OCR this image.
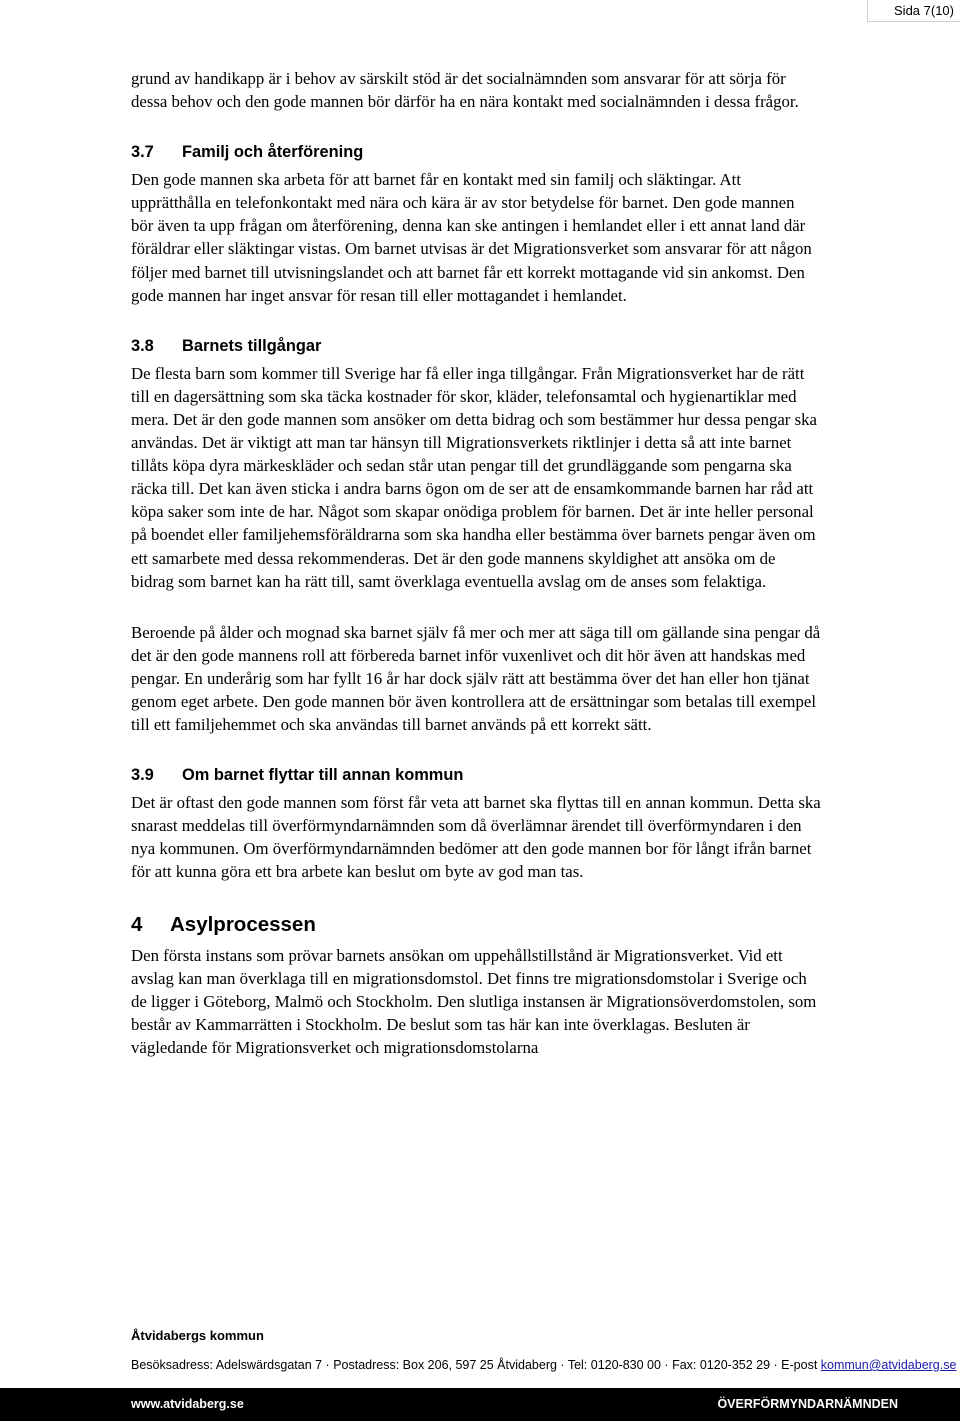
Sida 7(10)

grund av handikapp är i behov av särskilt stöd är det socialnämnden som ansvarar för att sörja för dessa behov och den gode mannen bör därför ha en nära kontakt med socialnämnden i dessa frågor.

3.7 Familj och återförening

Den gode mannen ska arbeta för att barnet får en kontakt med sin familj och släktingar. Att upprätthålla en telefonkontakt med nära och kära är av stor betydelse för barnet. Den gode mannen bör även ta upp frågan om återförening, denna kan ske antingen i hemlandet eller i ett annat land där föräldrar eller släktingar vistas. Om barnet utvisas är det Migrationsverket som ansvarar för att någon följer med barnet till utvisningslandet och att barnet får ett korrekt mottagande vid sin ankomst. Den gode mannen har inget ansvar för resan till eller mottagandet i hemlandet.

3.8 Barnets tillgångar

De flesta barn som kommer till Sverige har få eller inga tillgångar. Från Migrationsverket har de rätt till en dagersättning som ska täcka kostnader för skor, kläder, telefonsamtal och hygienartiklar med mera. Det är den gode mannen som ansöker om detta bidrag och som bestämmer hur dessa pengar ska användas. Det är viktigt att man tar hänsyn till Migrationsverkets riktlinjer i detta så att inte barnet tillåts köpa dyra märkeskläder och sedan står utan pengar till det grundläggande som pengarna ska räcka till. Det kan även sticka i andra barns ögon om de ser att de ensamkommande barnen har råd att köpa saker som inte de har. Något som skapar onödiga problem för barnen. Det är inte heller personal på boendet eller familjehemsföräldrarna som ska handha eller bestämma över barnets pengar även om ett samarbete med dessa rekommenderas. Det är den gode mannens skyldighet att ansöka om de bidrag som barnet kan ha rätt till, samt överklaga eventuella avslag om de anses som felaktiga.

Beroende på ålder och mognad ska barnet själv få mer och mer att säga till om gällande sina pengar då det är den gode mannens roll att förbereda barnet inför vuxenlivet och dit hör även att handskas med pengar. En underårig som har fyllt 16 år har dock själv rätt att bestämma över det han eller hon tjänat genom eget arbete. Den gode mannen bör även kontrollera att de ersättningar som betalas till exempel till ett familjehemmet och ska användas till barnet används på ett korrekt sätt.

3.9 Om barnet flyttar till annan kommun

Det är oftast den gode mannen som först får veta att barnet ska flyttas till en annan kommun. Detta ska snarast meddelas till överförmyndarnämnden som då överlämnar ärendet till överförmyndaren i den nya kommunen. Om överförmyndarnämnden bedömer att den gode mannen bor för långt ifrån barnet för att kunna göra ett bra arbete kan beslut om byte av god man tas.

4 Asylprocessen

Den första instans som prövar barnets ansökan om uppehållstillstånd är Migrationsverket. Vid ett avslag kan man överklaga till en migrationsdomstol. Det finns tre migrationsdomstolar i Sverige och de ligger i Göteborg, Malmö och Stockholm. Den slutliga instansen är Migrationsöverdomstolen, som består av Kammarrätten i Stockholm. De beslut som tas här kan inte överklagas. Besluten är vägledande för Migrationsverket och migrationsdomstolarna

Åtvidabergs kommun
Besöksadress: Adelswärdsgatan 7 · Postadress: Box 206, 597 25 Åtvidaberg · Tel: 0120-830 00 · Fax: 0120-352 29 · E-post kommun@atvidaberg.se
www.atvidaberg.se	ÖVERFÖRMYNDARNÄMNDEN
